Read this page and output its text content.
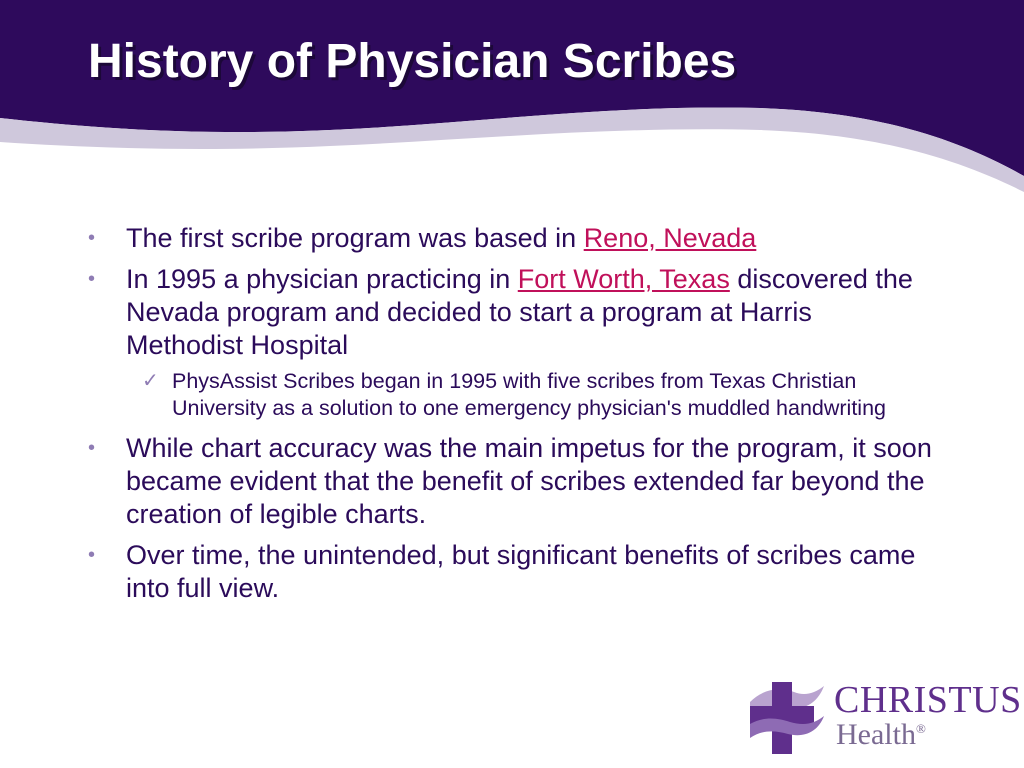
History of Physician Scribes
• The first scribe program was based in Reno, Nevada
• In 1995 a physician practicing in Fort Worth, Texas discovered the Nevada program and decided to start a program at Harris Methodist Hospital
✓ PhysAssist Scribes began in 1995 with five scribes from Texas Christian University as a solution to one emergency physician's muddled handwriting
• While chart accuracy was the main impetus for the program, it soon became evident that the benefit of scribes extended far beyond the creation of legible charts.
• Over time, the unintended, but significant benefits of scribes came into full view.
CHRISTUS
Health®
